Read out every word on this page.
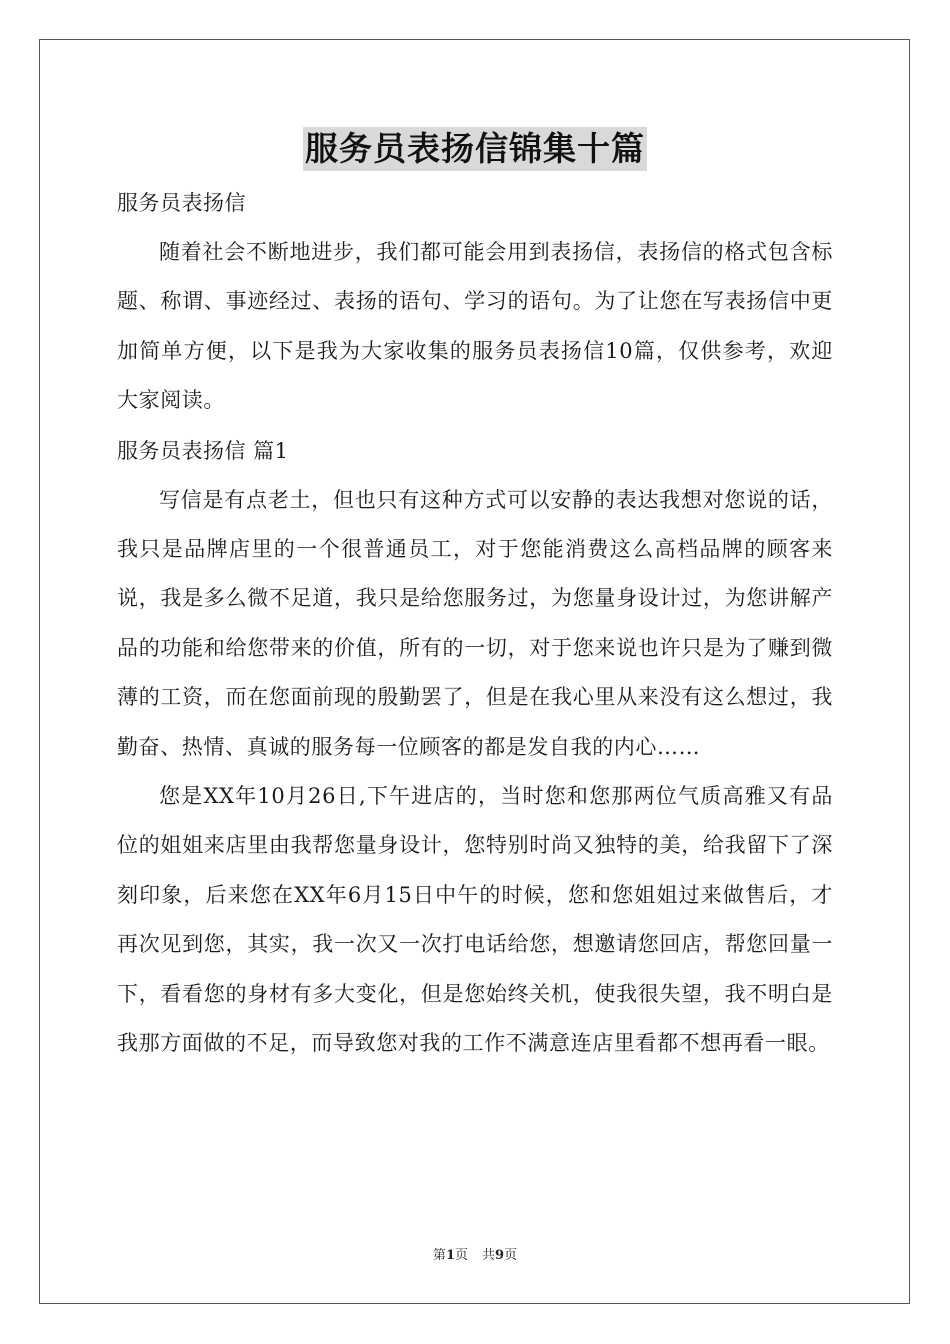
服务员表扬信锦集十篇

服务员表扬信

随着社会不断地进步，我们都可能会用到表扬信，表扬信的格式包含标题、称谓、事迹经过、表扬的语句、学习的语句。为了让您在写表扬信中更加简单方便，以下是我为大家收集的服务员表扬信10篇，仅供参考，欢迎大家阅读。

服务员表扬信 篇1

写信是有点老土，但也只有这种方式可以安静的表达我想对您说的话，我只是品牌店里的一个很普通员工，对于您能消费这么高档品牌的顾客来说，我是多么微不足道，我只是给您服务过，为您量身设计过，为您讲解产品的功能和给您带来的价值，所有的一切，对于您来说也许只是为了赚到微薄的工资，而在您面前现的殷勤罢了，但是在我心里从来没有这么想过，我勤奋、热情、真诚的服务每一位顾客的都是发自我的内心……

您是XX年10月26日,下午进店的，当时您和您那两位气质高雅又有品位的姐姐来店里由我帮您量身设计，您特别时尚又独特的美，给我留下了深刻印象，后来您在XX年6月15日中午的时候，您和您姐姐过来做售后，才再次见到您，其实，我一次又一次打电话给您，想邀请您回店，帮您回量一下，看看您的身材有多大变化，但是您始终关机，使我很失望，我不明白是我那方面做的不足，而导致您对我的工作不满意连店里看都不想再看一眼。

第1页 共9页
